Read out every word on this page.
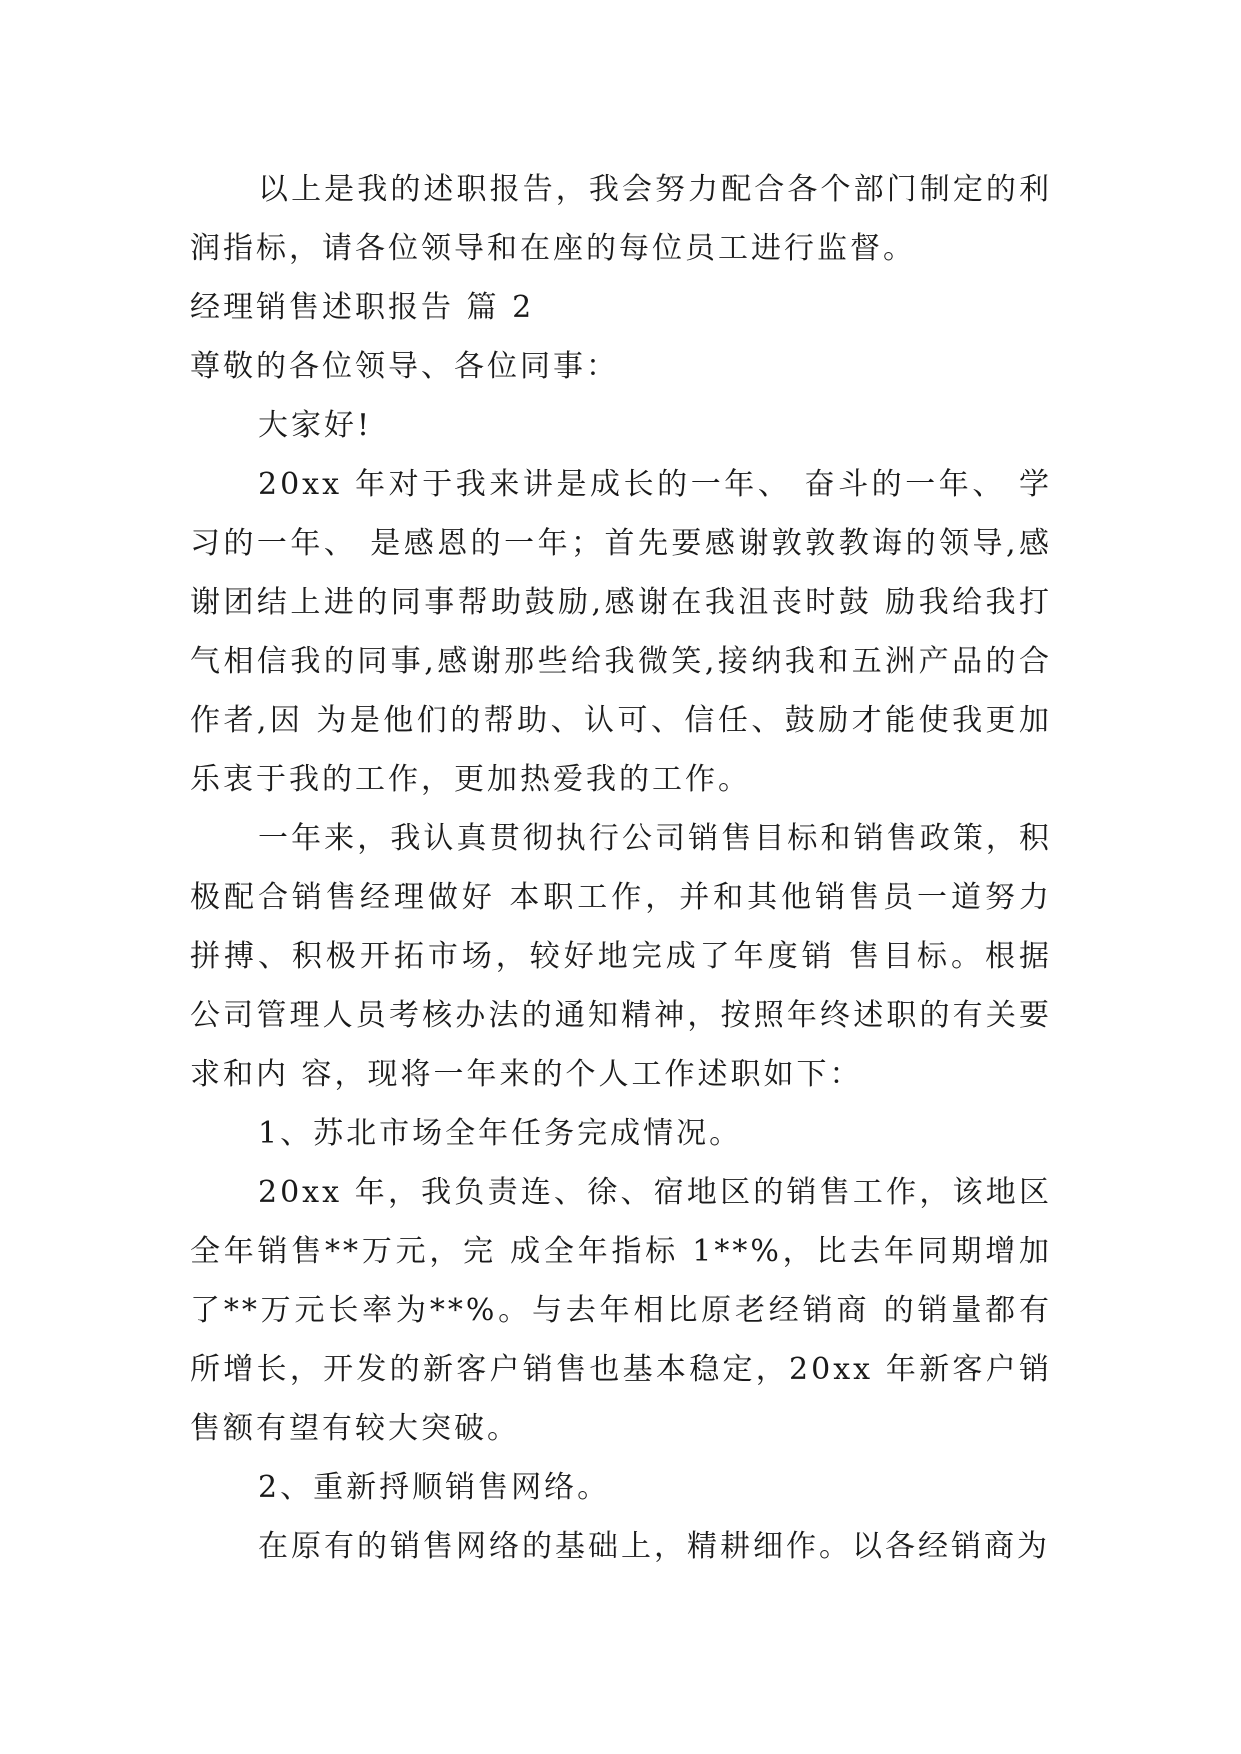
以上是我的述职报告，我会努力配合各个部门制定的利润指标，请各位领导和在座的每位员工进行监督。

经理销售述职报告 篇 2

尊敬的各位领导、各位同事：

大家好!

20xx 年对于我来讲是成长的一年、 奋斗的一年、 学习的一年、 是感恩的一年；首先要感谢敦敦教诲的领导,感谢团结上进的同事帮助鼓励,感谢在我沮丧时鼓 励我给我打气相信我的同事,感谢那些给我微笑,接纳我和五洲产品的合作者,因 为是他们的帮助、认可、信任、鼓励才能使我更加乐衷于我的工作，更加热爱我的工作。

一年来，我认真贯彻执行公司销售目标和销售政策，积极配合销售经理做好 本职工作，并和其他销售员一道努力拼搏、积极开拓市场，较好地完成了年度销 售目标。根据公司管理人员考核办法的通知精神，按照年终述职的有关要求和内 容，现将一年来的个人工作述职如下：

1、苏北市场全年任务完成情况。

20xx 年，我负责连、徐、宿地区的销售工作，该地区全年销售**万元，完 成全年指标 1**%，比去年同期增加了**万元长率为**%。与去年相比原老经销商 的销量都有所增长，开发的新客户销售也基本稳定，20xx 年新客户销售额有望有较大突破。

2、重新捋顺销售网络。

在原有的销售网络的基础上，精耕细作。以各经销商为
